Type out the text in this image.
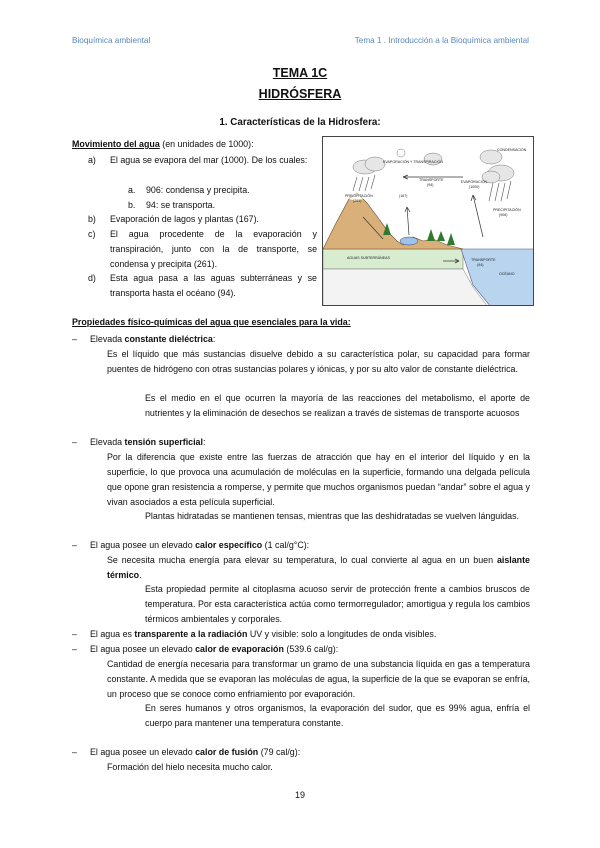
Bioquímica ambiental	Tema 1 . Introducción a la Bioquímica ambiental
TEMA 1C
HIDRÓSFERA
1. Características de la Hidrosfera:
Movimiento del agua (en unidades de 1000):
a)	El agua se evapora del mar (1000). De los cuales:
a. 906: condensa y precipita.
b. 94: se transporta.
b)	Evaporación de lagos y plantas (167).
c)	El agua procedente de la evaporación y transpiración, junto con la de transporte, se condensa y precipita (261).
d)	Esta agua pasa a las aguas subterráneas y se transporta hasta el océano (94).
EVAPORACIÓN Y TRANSPIRACIÓN
TRANSPORTE
(94)
(167)
EVAPORACIÓN
(1000)
PRECIPITACIÓN
(261)
PRECIPITACIÓN
(906)
CONDENSACIÓN
AGUAS SUBTERRÁNEAS	TRANSPORTE
(94)
OCÉANO
Propiedades físico-químicas del agua que esenciales para la vida:
– Elevada constante dieléctrica:
Es el líquido que más sustancias disuelve debido a su característica polar, su capacidad para formar puentes de hidrógeno con otras sustancias polares y iónicas, y por su alto valor de constante dieléctrica.
Es el medio en el que ocurren la mayoría de las reacciones del metabolismo, el aporte de nutrientes y la eliminación de desechos se realizan a través de sistemas de transporte acuosos
– Elevada tensión superficial:
Por la diferencia que existe entre las fuerzas de atracción que hay en el interior del líquido y en la superficie, lo que provoca una acumulación de moléculas en la superficie, formando una delgada película que opone gran resistencia a romperse, y permite que muchos organismos puedan “andar” sobre el agua y vivan asociados a esta película superficial.
Plantas hidratadas se mantienen tensas, mientras que las deshidratadas se vuelven lánguidas.
– El agua posee un elevado calor específico (1 cal/g°C):
Se necesita mucha energía para elevar su temperatura, lo cual convierte al agua en un buen aislante térmico.
Esta propiedad permite al citoplasma acuoso servir de protección frente a cambios bruscos de temperatura. Por esta característica actúa como termorregulador; amortigua y regula los cambios térmicos ambientales y corporales.
– El agua es transparente a la radiación UV y visible: solo a longitudes de onda visibles.
– El agua posee un elevado calor de evaporación (539.6 cal/g):
Cantidad de energía necesaria para transformar un gramo de una substancia líquida en gas a temperatura constante. A medida que se evaporan las moléculas de agua, la superficie de la que se evaporan se enfría, un proceso que se conoce como enfriamiento por evaporación.
En seres humanos y otros organismos, la evaporación del sudor, que es 99% agua, enfría el cuerpo para mantener una temperatura constante.
– El agua posee un elevado calor de fusión (79 cal/g):
Formación del hielo necesita mucho calor.
19
